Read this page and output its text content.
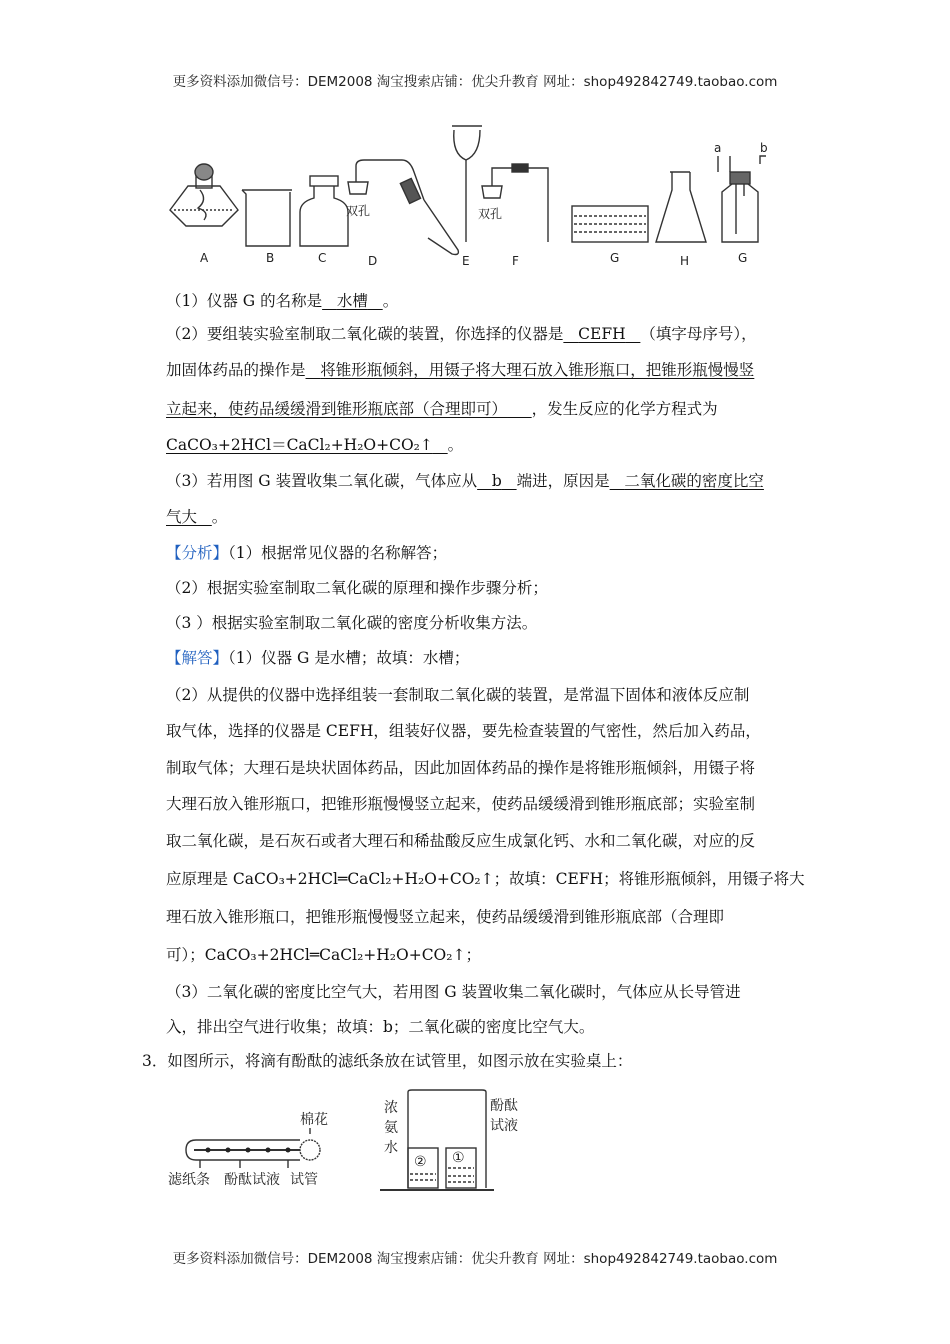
更多资料添加微信号：DEM2008 淘宝搜索店铺：优尖升教育 网址：shop492842749.taobao.com
双孔	双孔
a	b
A	B	C	D	E	F	G	H	G
（1）仪器 G 的名称是 水槽 。
（2）要组装实验室制取二氧化碳的装置，你选择的仪器是 CEFH （填字母序号），
加固体药品的操作是 将锥形瓶倾斜，用镊子将大理石放入锥形瓶口，把锥形瓶慢慢竖
立起来，使药品缓缓滑到锥形瓶底部（合理即可） ，发生反应的化学方程式为
CaCO₃+2HCl＝CaCl₂+H₂O+CO₂↑ 。
（3）若用图 G 装置收集二氧化碳，气体应从 b 端进，原因是 二氧化碳的密度比空
气大 。
【分析】（1）根据常见仪器的名称解答；
（2）根据实验室制取二氧化碳的原理和操作步骤分析；
（3 ）根据实验室制取二氧化碳的密度分析收集方法。
【解答】（1）仪器 G 是水槽；故填：水槽；
（2）从提供的仪器中选择组装一套制取二氧化碳的装置，是常温下固体和液体反应制
取气体，选择的仪器是 CEFH，组装好仪器，要先检查装置的气密性，然后加入药品，
制取气体；大理石是块状固体药品，因此加固体药品的操作是将锥形瓶倾斜，用镊子将
大理石放入锥形瓶口，把锥形瓶慢慢竖立起来，使药品缓缓滑到锥形瓶底部；实验室制
取二氧化碳，是石灰石或者大理石和稀盐酸反应生成氯化钙、水和二氧化碳，对应的反
应原理是 CaCO₃+2HCl═CaCl₂+H₂O+CO₂↑；故填：CEFH；将锥形瓶倾斜，用镊子将大
理石放入锥形瓶口，把锥形瓶慢慢竖立起来，使药品缓缓滑到锥形瓶底部（合理即
可）；CaCO₃+2HCl═CaCl₂+H₂O+CO₂↑；
（3）二氧化碳的密度比空气大，若用图 G 装置收集二氧化碳时，气体应从长导管进
入，排出空气进行收集；故填：b；二氧化碳的密度比空气大。
3．如图所示，将滴有酚酞的滤纸条放在试管里，如图示放在实验桌上：
棉花
滤纸条 酚酞试液 试管
浓
氨
水
酚酞
试液
② ①
更多资料添加微信号：DEM2008 淘宝搜索店铺：优尖升教育 网址：shop492842749.taobao.com
